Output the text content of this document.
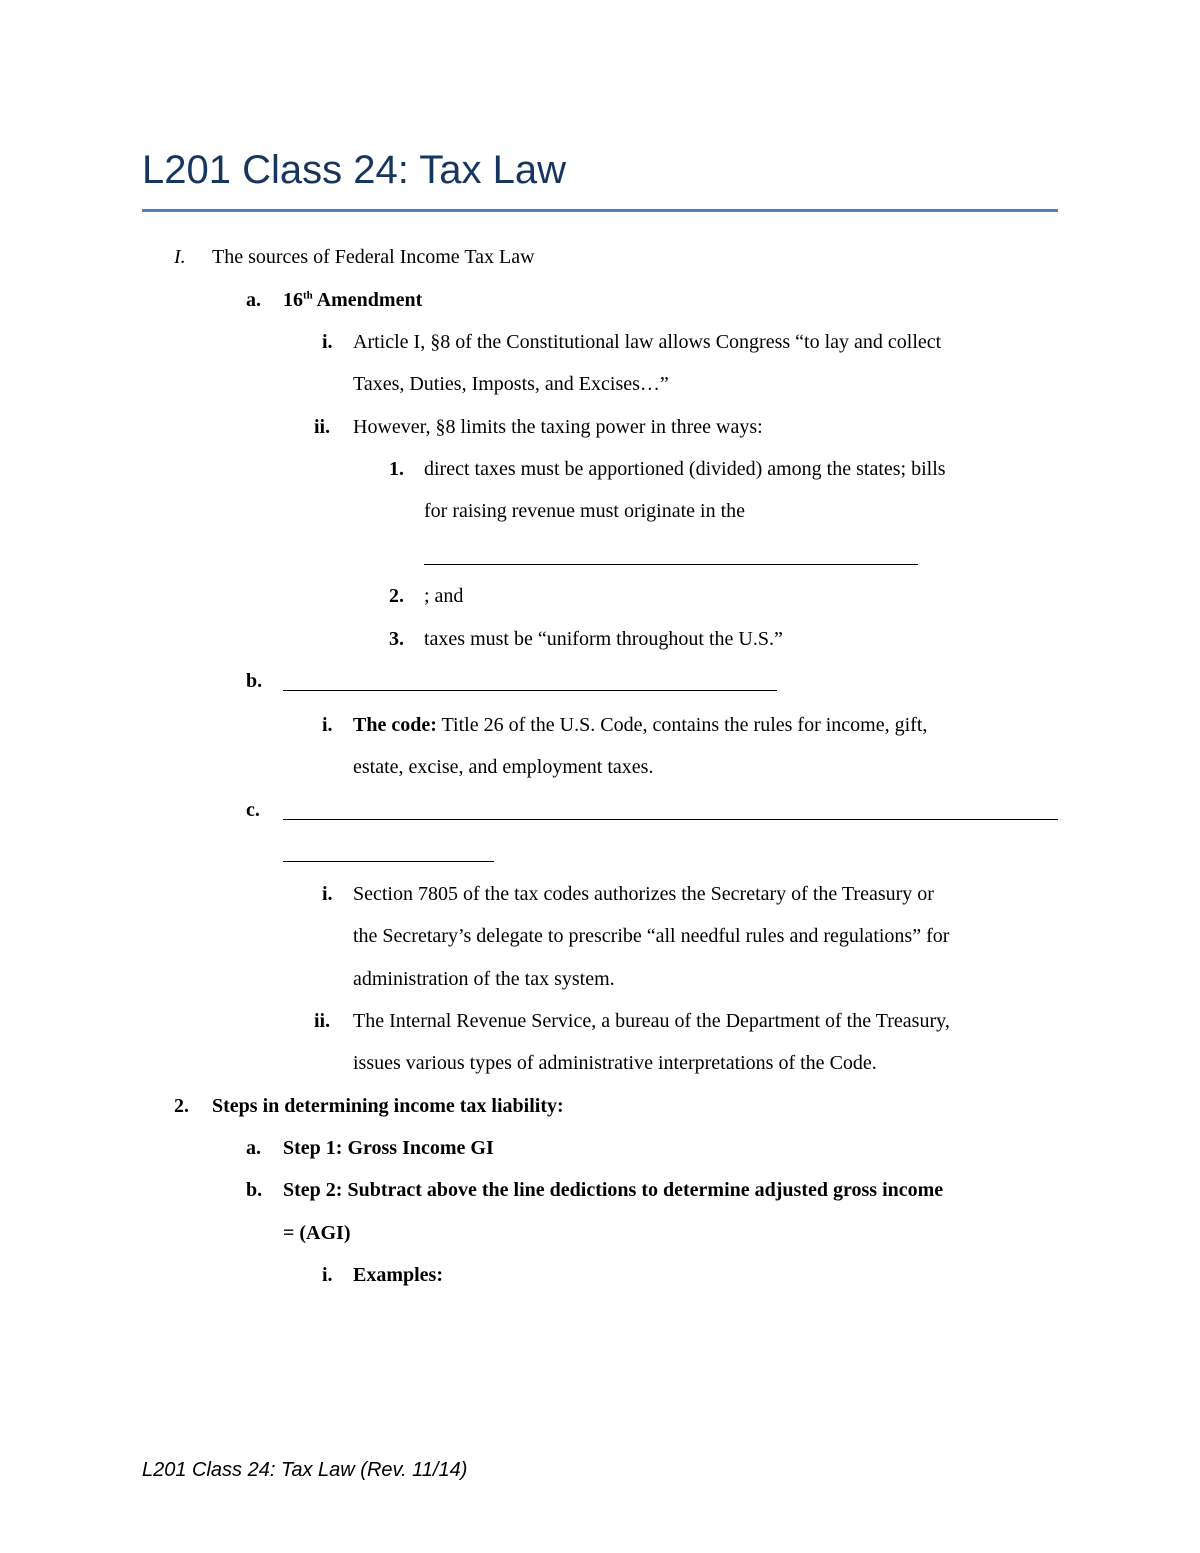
L201 Class 24: Tax Law
I. The sources of Federal Income Tax Law
a. 16th Amendment
i. Article I, §8 of the Constitutional law allows Congress “to lay and collect
Taxes, Duties, Imposts, and Excises…”
ii. However, §8 limits the taxing power in three ways:
1. direct taxes must be apportioned (divided) among the states; bills
for raising revenue must originate in the
2. ; and
3. taxes must be “uniform throughout the U.S.”
b.
i. The code: Title 26 of the U.S. Code, contains the rules for income, gift,
estate, excise, and employment taxes.
c.
i. Section 7805 of the tax codes authorizes the Secretary of the Treasury or
the Secretary’s delegate to prescribe “all needful rules and regulations” for
administration of the tax system.
ii. The Internal Revenue Service, a bureau of the Department of the Treasury,
issues various types of administrative interpretations of the Code.
2. Steps in determining income tax liability:
a. Step 1: Gross Income GI
b. Step 2: Subtract above the line dedictions to determine adjusted gross income
= (AGI)
i. Examples:
L201 Class 24: Tax Law (Rev. 11/14)
